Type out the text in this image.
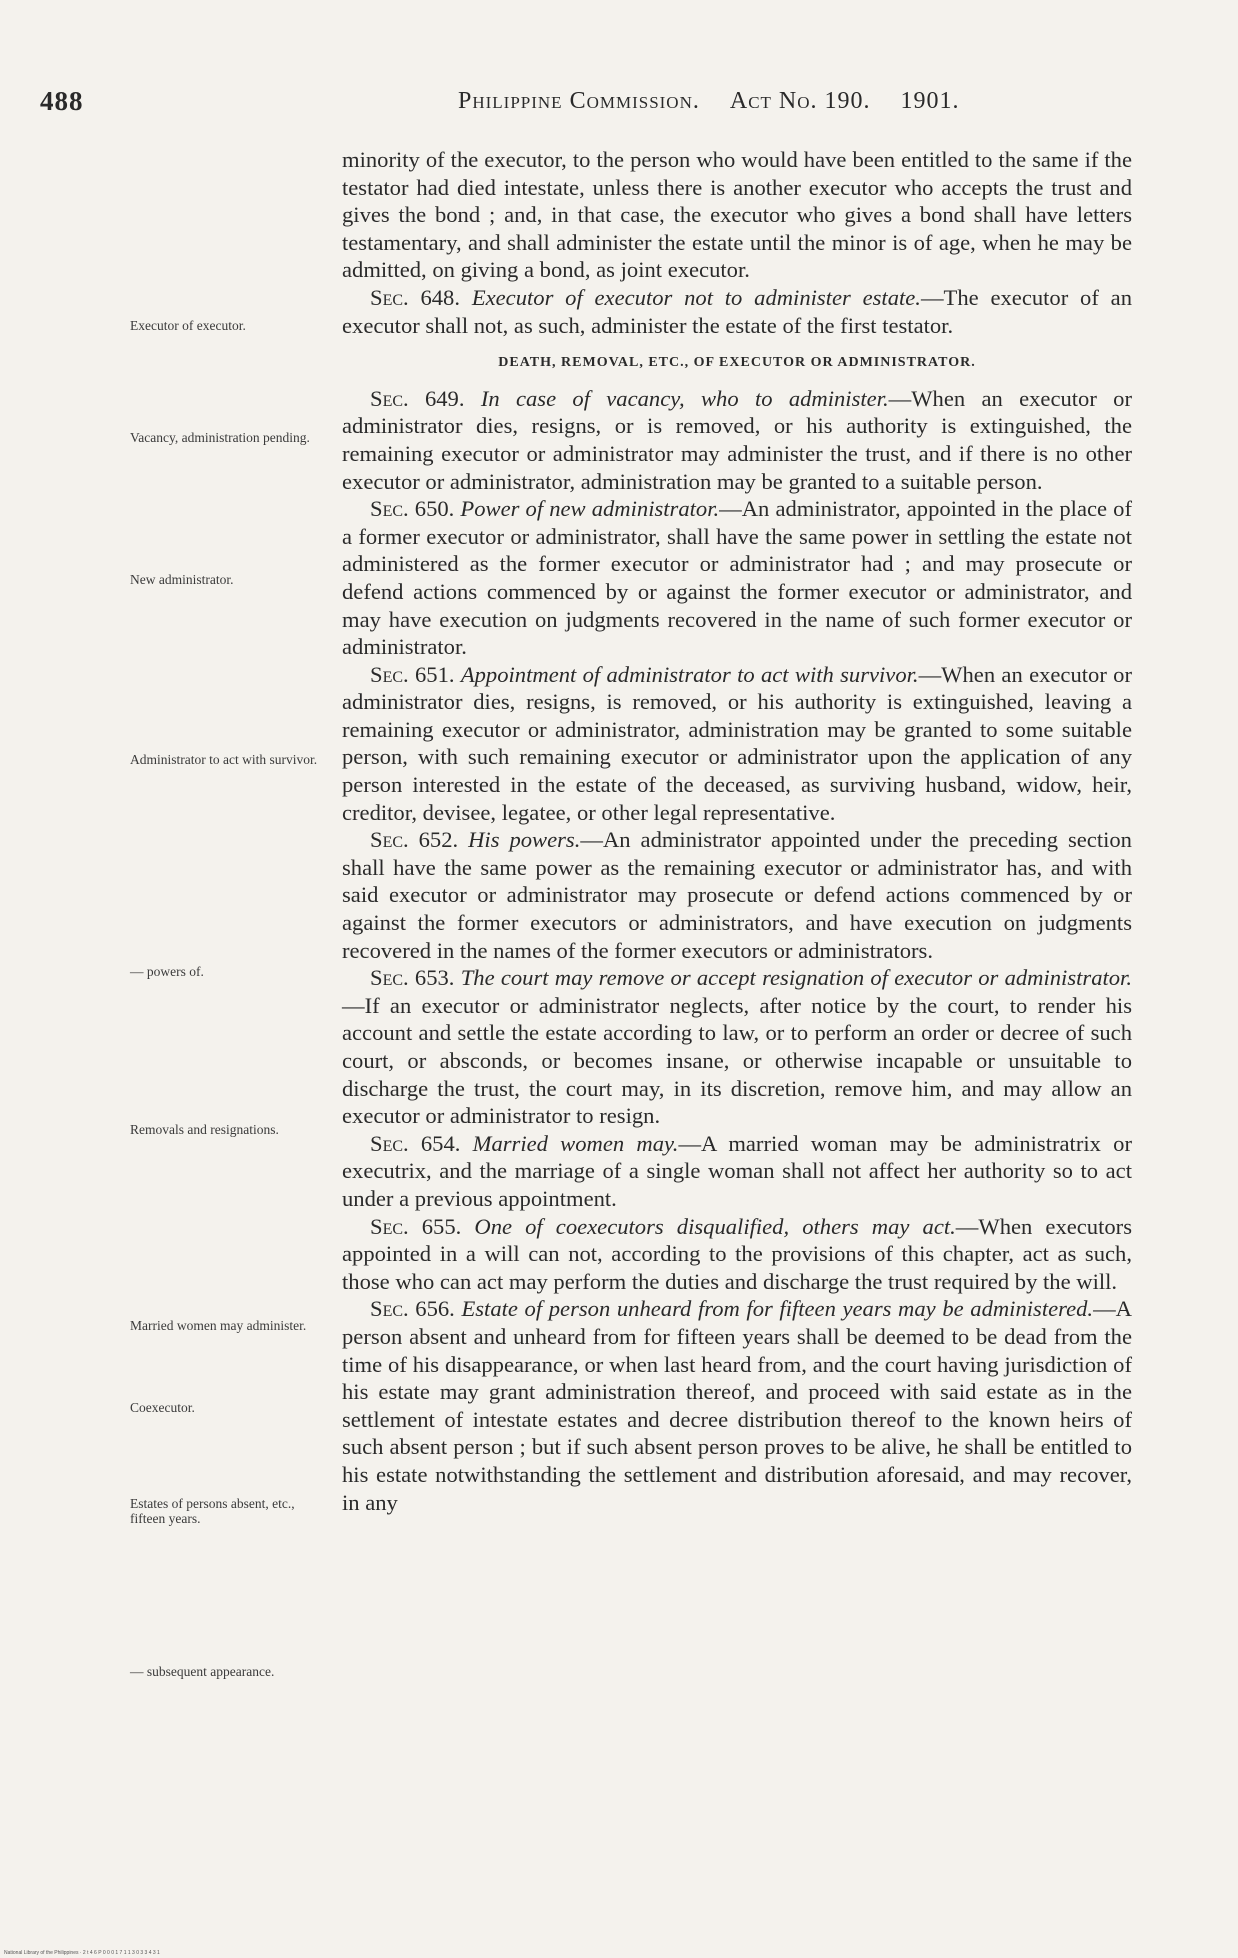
488	Philippine Commission. Act No. 190. 1901.
Executor of executor.
Vacancy, administration pending.
New administrator.
Administrator to act with survivor.
— powers of.
Removals and resignations.
Married women may administer.
Coexecutor.
Estates of persons absent, etc., fifteen years.
— subsequent appearance.

minority of the executor, to the person who would have been entitled to the same if the testator had died intestate, unless there is another executor who accepts the trust and gives the bond ; and, in that case, the executor who gives a bond shall have letters testamentary, and shall administer the estate until the minor is of age, when he may be admitted, on giving a bond, as joint executor.

Sec. 648. Executor of executor not to administer estate.—The executor of an executor shall not, as such, administer the estate of the first testator.

DEATH, REMOVAL, ETC., OF EXECUTOR OR ADMINISTRATOR.

Sec. 649. In case of vacancy, who to administer.—When an executor or administrator dies, resigns, or is removed, or his authority is extinguished, the remaining executor or administrator may administer the trust, and if there is no other executor or administrator, administration may be granted to a suitable person.

Sec. 650. Power of new administrator.—An administrator, appointed in the place of a former executor or administrator, shall have the same power in settling the estate not administered as the former executor or administrator had ; and may prosecute or defend actions commenced by or against the former executor or administrator, and may have execution on judgments recovered in the name of such former executor or administrator.

Sec. 651. Appointment of administrator to act with survivor.—When an executor or administrator dies, resigns, is removed, or his authority is extinguished, leaving a remaining executor or administrator, administration may be granted to some suitable person, with such remaining executor or administrator upon the application of any person interested in the estate of the deceased, as surviving husband, widow, heir, creditor, devisee, legatee, or other legal representative.

Sec. 652. His powers.—An administrator appointed under the preceding section shall have the same power as the remaining executor or administrator has, and with said executor or administrator may prosecute or defend actions commenced by or against the former executors or administrators, and have execution on judgments recovered in the names of the former executors or administrators.

Sec. 653. The court may remove or accept resignation of executor or administrator.—If an executor or administrator neglects, after notice by the court, to render his account and settle the estate according to law, or to perform an order or decree of such court, or absconds, or becomes insane, or otherwise incapable or unsuitable to discharge the trust, the court may, in its discretion, remove him, and may allow an executor or administrator to resign.

Sec. 654. Married women may.—A married woman may be administratrix or executrix, and the marriage of a single woman shall not affect her authority so to act under a previous appointment.

Sec. 655. One of coexecutors disqualified, others may act.—When executors appointed in a will can not, according to the provisions of this chapter, act as such, those who can act may perform the duties and discharge the trust required by the will.

Sec. 656. Estate of person unheard from for fifteen years may be administered.—A person absent and unheard from for fifteen years shall be deemed to be dead from the time of his disappearance, or when last heard from, and the court having jurisdiction of his estate may grant administration thereof, and proceed with said estate as in the settlement of intestate estates and decree distribution thereof to the known heirs of such absent person ; but if such absent person proves to be alive, he shall be entitled to his estate notwithstanding the settlement and distribution aforesaid, and may recover, in any

National Library of the Philippines · 2 t 4 6 P 0 0 0 1 7 1 1 3 0 3 3 4 3 1
